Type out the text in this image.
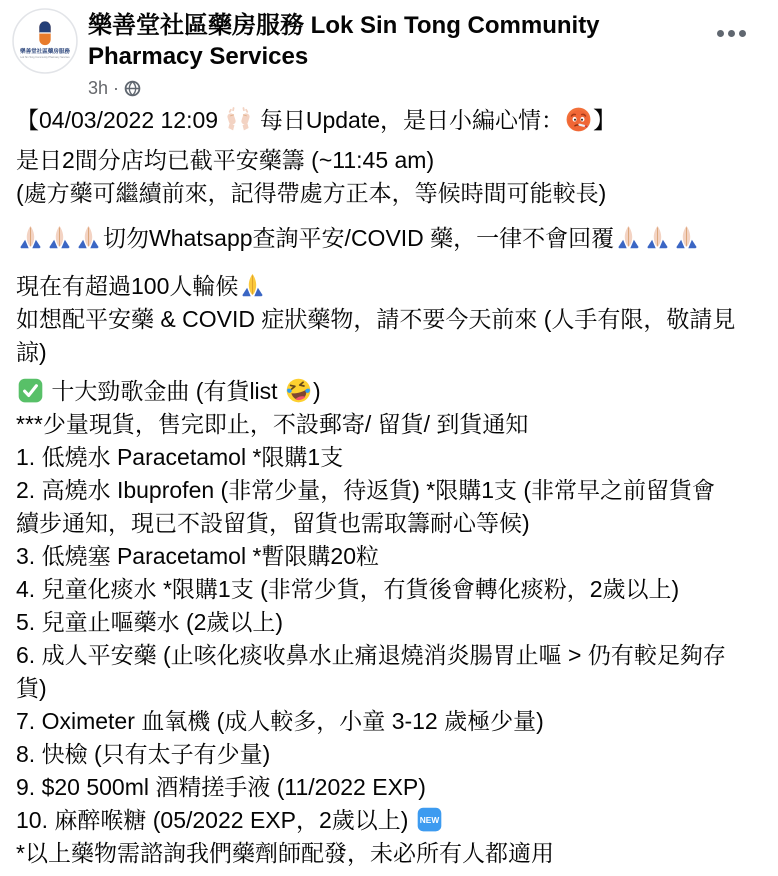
樂善堂社區藥房服務
Lok Sin Tong Community Pharmacy Services
樂善堂社區藥房服務 Lok Sin Tong Community Pharmacy Services
3h ·
【04/03/2022 12:09
每日Update，是日小編心情： 】
是日2間分店均已截平安藥籌 (~11:45 am)
(處方藥可繼續前來，記得帶處方正本，等候時間可能較長)
切勿Whatsapp查詢平安/COVID 藥，一律不會回覆
現在有超過100人輪候
如想配平安藥 & COVID 症狀藥物，請不要今天前來 (人手有限，敬請見
諒)
十大勁歌金曲 (有貨list
)
***少量現貨，售完即止，不設郵寄/ 留貨/ 到貨通知
1. 低燒水 Paracetamol *限購1支
2. 高燒水 Ibuprofen (非常少量，待返貨) *限購1支 (非常早之前留貨會
續步通知，現已不設留貨，留貨也需取籌耐心等候)
3. 低燒塞 Paracetamol *暫限購20粒
4. 兒童化痰水 *限購1支 (非常少貨，冇貨後會轉化痰粉，2歲以上)
5. 兒童止嘔藥水 (2歲以上)
6. 成人平安藥 (止咳化痰收鼻水止痛退燒消炎腸胃止嘔 > 仍有較足夠存
貨)
7. Oximeter 血氧機 (成人較多，小童 3-12 歲極少量)
8. 快檢 (只有太子有少量)
9. $20 500ml 酒精搓手液 (11/2022 EXP)
10. 麻醉喉糖 (05/2022 EXP，2歲以上) NEW
*以上藥物需諮詢我們藥劑師配發，未必所有人都適用
